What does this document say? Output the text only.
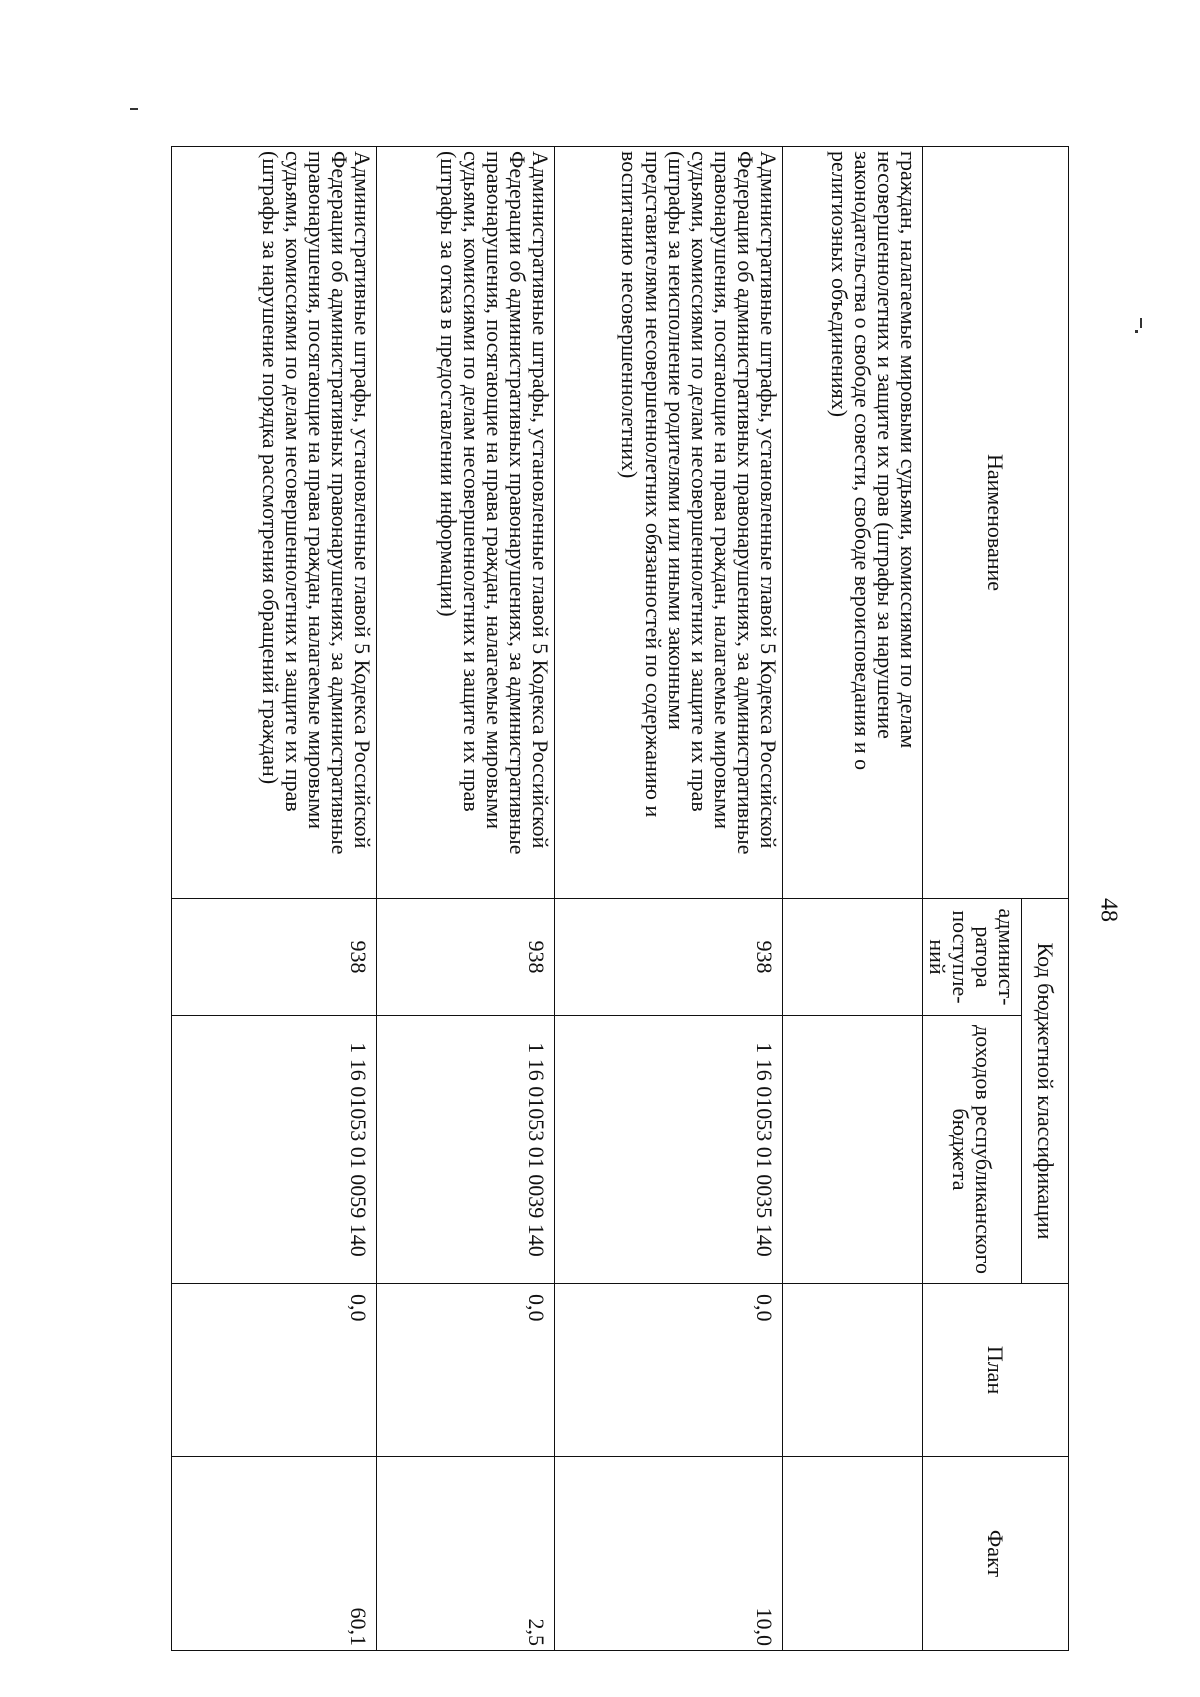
48
Наименование	Код бюджетной классификации		План	Факт
	админист-ратора поступле-ний	доходов республиканского бюджета		
граждан, налагаемые мировыми судьями, комиссиями по делам несовершеннолетних и защите их прав (штрафы за нарушение законодательства о свободе совести, свободе вероисповедания и о религиозных объединениях)				
Административные штрафы, установленные главой 5 Кодекса Российской Федерации об административных правонарушениях, за административные правонарушения, посягающие на права граждан, налагаемые мировыми судьями, комиссиями по делам несовершеннолетних и защите их прав (штрафы за неисполнение родителями или иными законными представителями несовершеннолетних обязанностей по содержанию и воспитанию несовершеннолетних)	938	1 16 01053 01 0035 140	0,0	10,0
Административные штрафы, установленные главой 5 Кодекса Российской Федерации об административных правонарушениях, за административные правонарушения, посягающие на права граждан, налагаемые мировыми судьями, комиссиями по делам несовершеннолетних и защите их прав (штрафы за отказ в предоставлении информации)	938	1 16 01053 01 0039 140	0,0	2,5
Административные штрафы, установленные главой 5 Кодекса Российской Федерации об административных правонарушениях, за административные правонарушения, посягающие на права граждан, налагаемые мировыми судьями, комиссиями по делам несовершеннолетних и защите их прав (штрафы за нарушение порядка рассмотрения обращений граждан)	938	1 16 01053 01 0059 140	0,0	60,1
